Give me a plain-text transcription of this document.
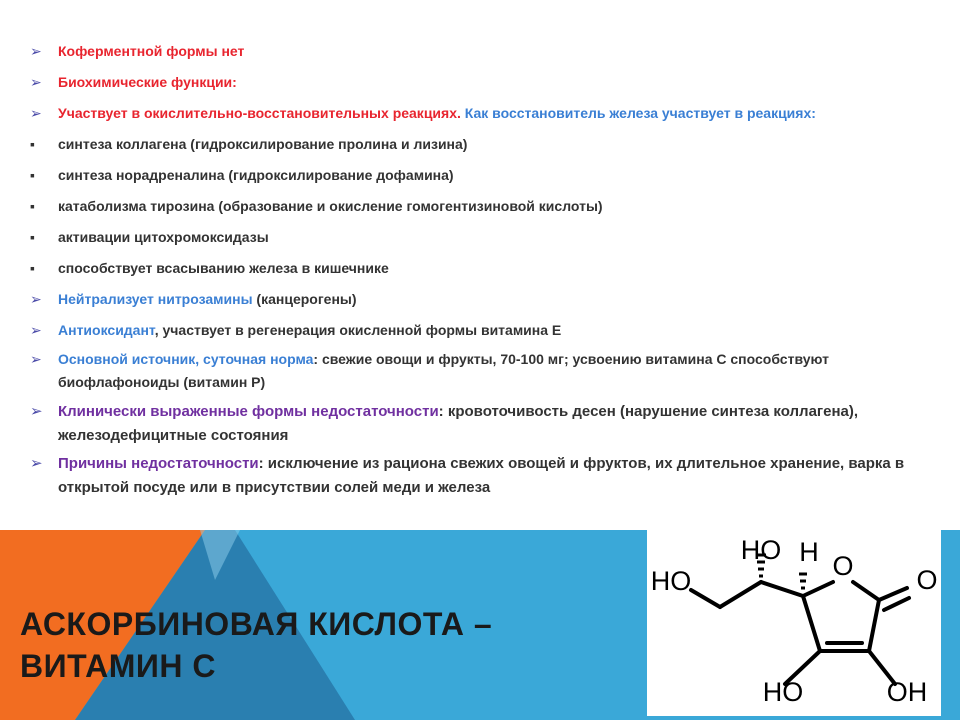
➢ Коферментной формы нет
➢ Биохимические функции:
➢ Участвует в окислительно-восстановительных реакциях. Как восстановитель железа участвует в реакциях:
▪ синтеза коллагена (гидроксилирование пролина и лизина)
▪ синтеза норадреналина (гидроксилирование дофамина)
▪ катаболизма тирозина (образование и окисление гомогентизиновой кислоты)
▪ активации цитохромоксидазы
▪ способствует всасыванию железа в кишечнике
➢ Нейтрализует нитрозамины (канцерогены)
➢ Антиоксидант, участвует в регенерация окисленной формы витамина Е
➢ Основной источник, суточная норма: свежие овощи и фрукты, 70-100 мг; усвоению витамина С способствуют биофлафоноиды (витамин Р)
➢ Клинически выраженные формы недостаточности: кровоточивость десен (нарушение синтеза коллагена), железодефицитные состояния
➢ Причины недостаточности: исключение из рациона свежих овощей и фруктов, их длительное хранение, варка в открытой посуде или в присутствии солей меди и железа
АСКОРБИНОВАЯ КИСЛОТА –
ВИТАМИН С
HO H O O
HO
HO	OH
